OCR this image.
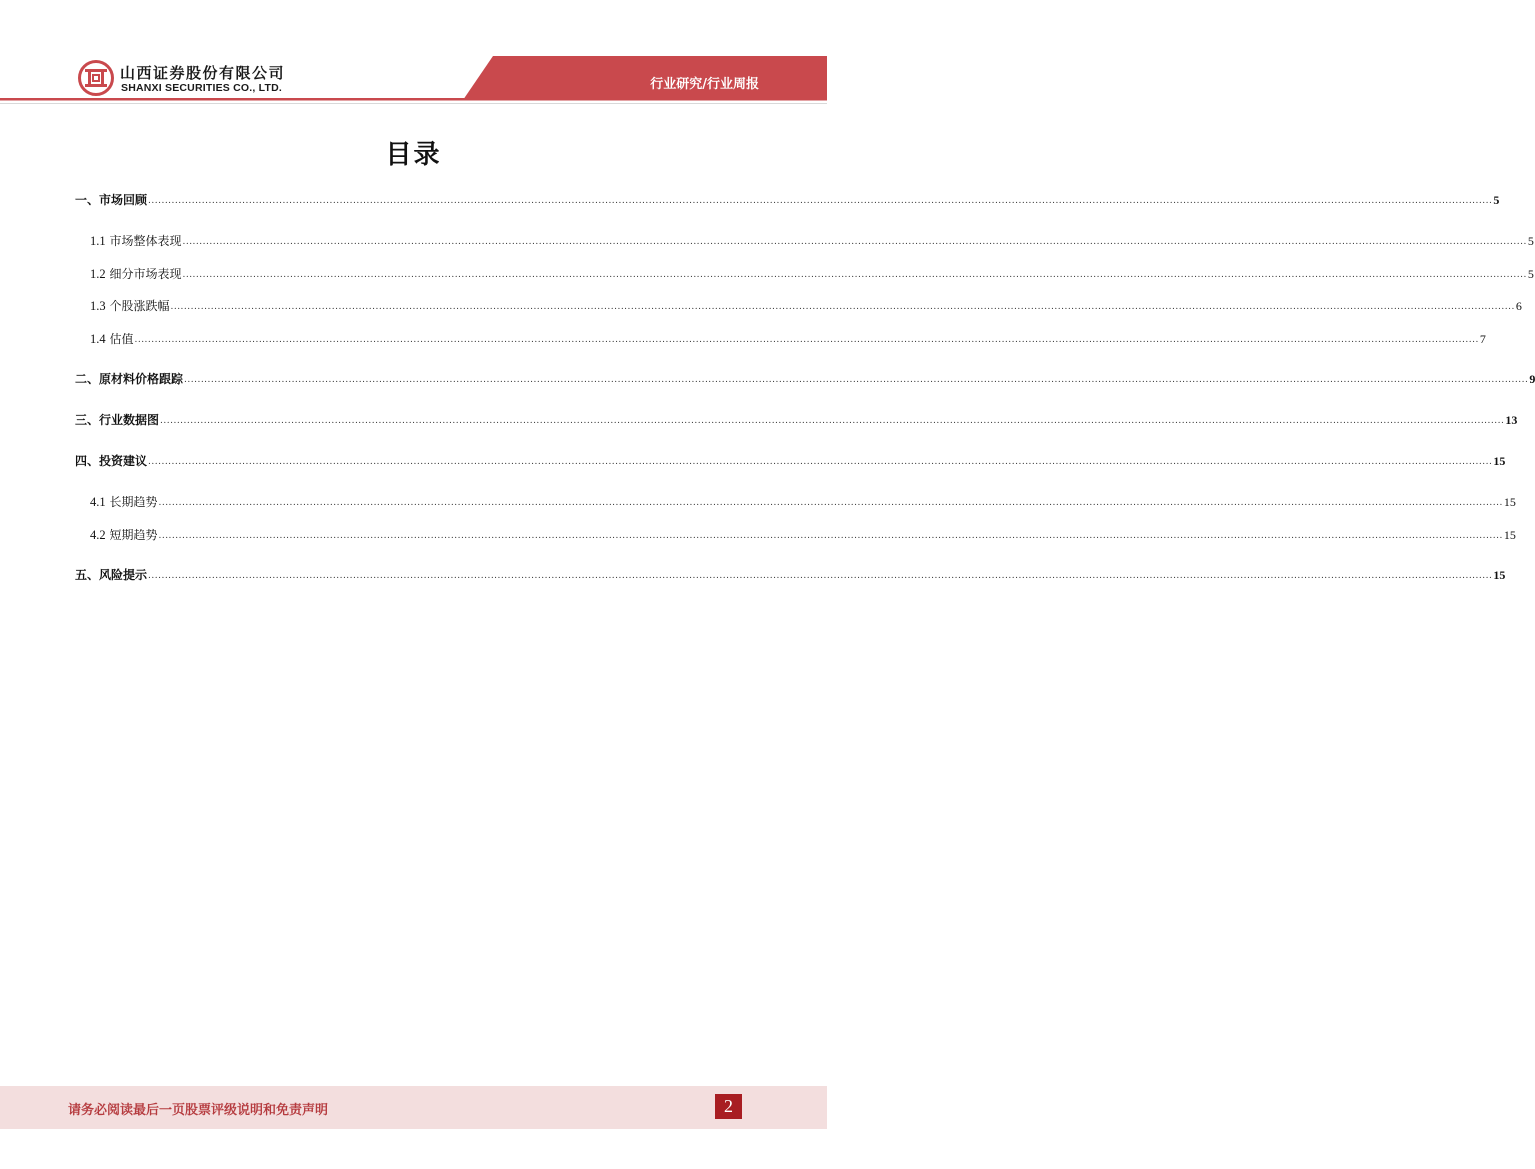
山西证券股份有限公司
SHANXI SECURITIES CO., LTD.	行业研究/行业周报
目录
一、市场回顾 ................................................................................................................................................................................................................................................................................................................................................................................................................ 5
1.1 市场整体表现 ................................................................................................................................................................................................................................................................................................................................................................................................................ 5
1.2 细分市场表现 ................................................................................................................................................................................................................................................................................................................................................................................................................ 5
1.3 个股涨跌幅 ................................................................................................................................................................................................................................................................................................................................................................................................................ 6
1.4 估值 ................................................................................................................................................................................................................................................................................................................................................................................................................ 7
二、原材料价格跟踪 ................................................................................................................................................................................................................................................................................................................................................................................................................ 9
三、行业数据图 ................................................................................................................................................................................................................................................................................................................................................................................................................ 13
四、投资建议 ................................................................................................................................................................................................................................................................................................................................................................................................................ 15
4.1 长期趋势 ................................................................................................................................................................................................................................................................................................................................................................................................................ 15
4.2 短期趋势 ................................................................................................................................................................................................................................................................................................................................................................................................................ 15
五、风险提示 ................................................................................................................................................................................................................................................................................................................................................................................................................ 15
请务必阅读最后一页股票评级说明和免责声明	2
